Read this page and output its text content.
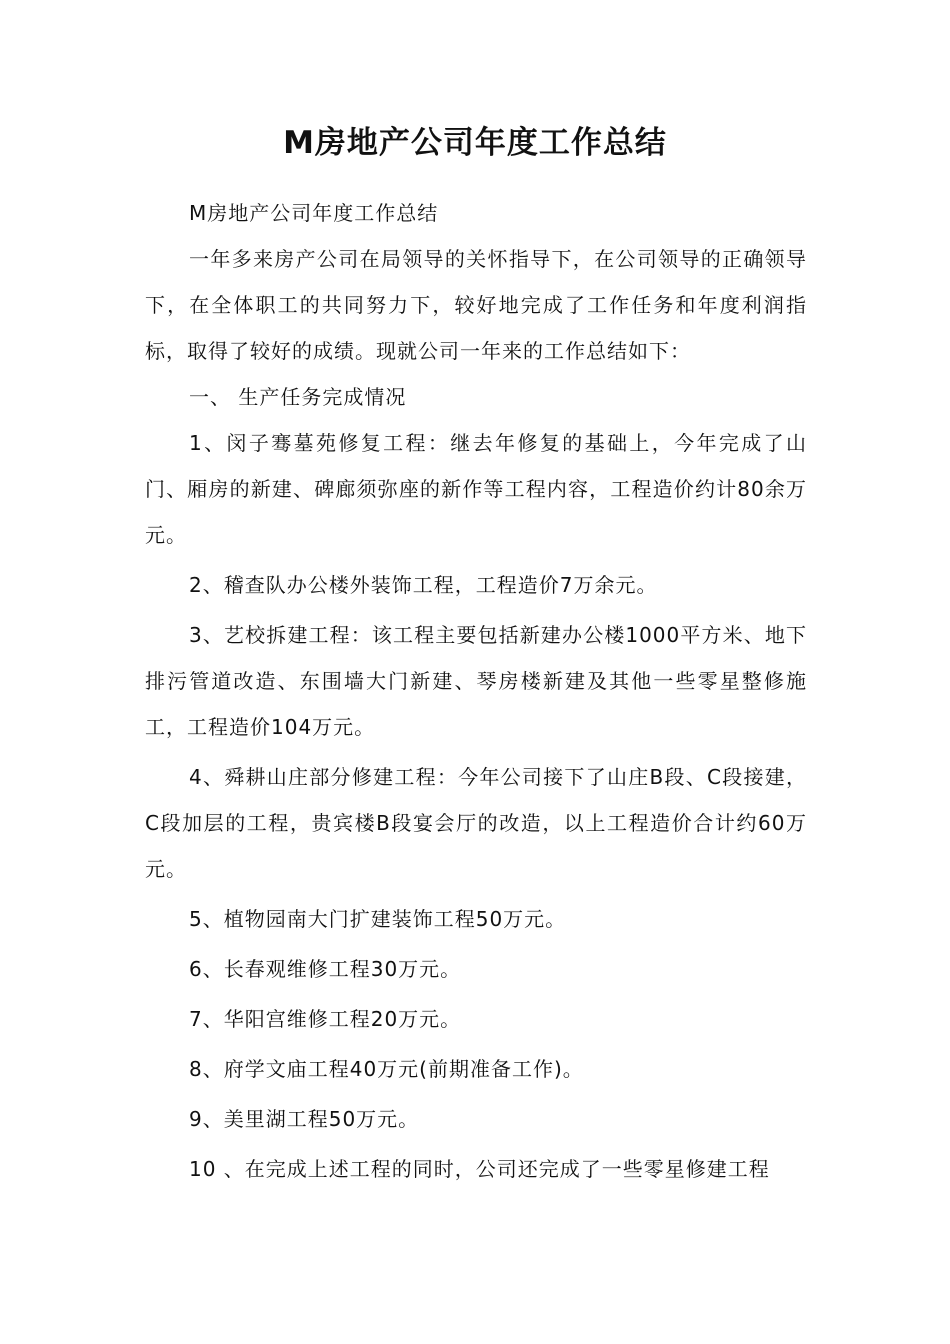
M房地产公司年度工作总结

M房地产公司年度工作总结

一年多来房产公司在局领导的关怀指导下，在公司领导的正确领导下，在全体职工的共同努力下，较好地完成了工作任务和年度利润指标，取得了较好的成绩。现就公司一年来的工作总结如下：

一、 生产任务完成情况

1、闵子骞墓苑修复工程：继去年修复的基础上，今年完成了山门、厢房的新建、碑廊须弥座的新作等工程内容，工程造价约计80余万元。

2、稽查队办公楼外装饰工程，工程造价7万余元。

3、艺校拆建工程：该工程主要包括新建办公楼1000平方米、地下排污管道改造、东围墙大门新建、琴房楼新建及其他一些零星整修施工，工程造价104万元。

4、舜耕山庄部分修建工程：今年公司接下了山庄B段、C段接建，C段加层的工程，贵宾楼B段宴会厅的改造，以上工程造价合计约60万元。

5、植物园南大门扩建装饰工程50万元。

6、长春观维修工程30万元。

7、华阳宫维修工程20万元。

8、府学文庙工程40万元(前期准备工作)。

9、美里湖工程50万元。

10 、在完成上述工程的同时，公司还完成了一些零星修建工程
